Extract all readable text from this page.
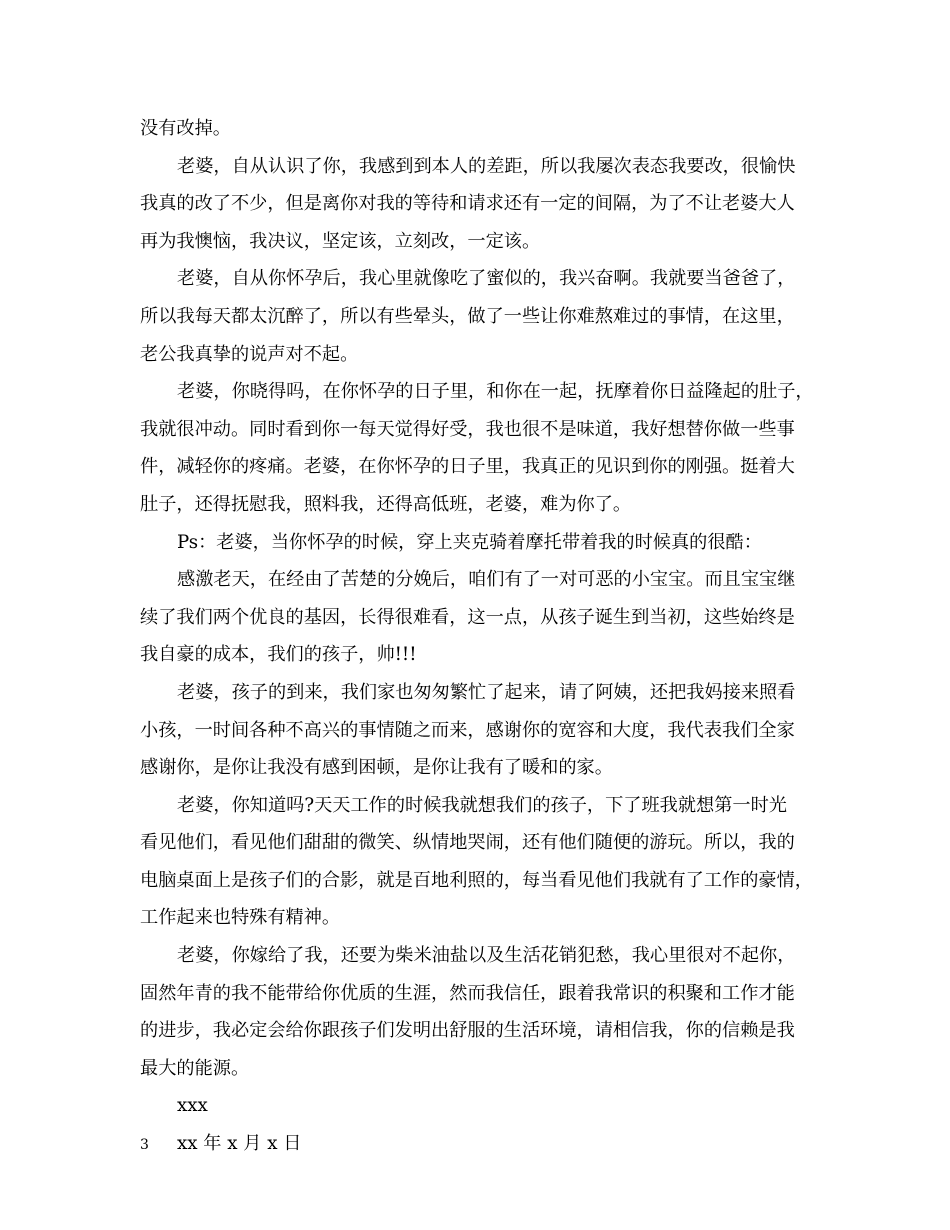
没有改掉。
老婆，自从认识了你，我感到到本人的差距，所以我屡次表态我要改，很愉快
我真的改了不少，但是离你对我的等待和请求还有一定的间隔，为了不让老婆大人
再为我懊恼，我决议，坚定该，立刻改，一定该。
老婆，自从你怀孕后，我心里就像吃了蜜似的，我兴奋啊。我就要当爸爸了，
所以我每天都太沉醉了，所以有些晕头，做了一些让你难熬难过的事情，在这里，
老公我真挚的说声对不起。
老婆，你晓得吗，在你怀孕的日子里，和你在一起，抚摩着你日益隆起的肚子，
我就很冲动。同时看到你一每天觉得好受，我也很不是味道，我好想替你做一些事
件，减轻你的疼痛。老婆，在你怀孕的日子里，我真正的见识到你的刚强。挺着大
肚子，还得抚慰我，照料我，还得高低班，老婆，难为你了。
Ps：老婆，当你怀孕的时候，穿上夹克骑着摩托带着我的时候真的很酷：
感激老天，在经由了苦楚的分娩后，咱们有了一对可恶的小宝宝。而且宝宝继
续了我们两个优良的基因，长得很难看，这一点，从孩子诞生到当初，这些始终是
我自豪的成本，我们的孩子，帅!!!
老婆，孩子的到来，我们家也匆匆繁忙了起来，请了阿姨，还把我妈接来照看
小孩，一时间各种不高兴的事情随之而来，感谢你的宽容和大度，我代表我们全家
感谢你，是你让我没有感到困顿，是你让我有了暖和的家。
老婆，你知道吗?天天工作的时候我就想我们的孩子，下了班我就想第一时光
看见他们，看见他们甜甜的微笑、纵情地哭闹，还有他们随便的游玩。所以，我的
电脑桌面上是孩子们的合影，就是百地利照的，每当看见他们我就有了工作的豪情，
工作起来也特殊有精神。
老婆，你嫁给了我，还要为柴米油盐以及生活花销犯愁，我心里很对不起你，
固然年青的我不能带给你优质的生涯，然而我信任，跟着我常识的积聚和工作才能
的进步，我必定会给你跟孩子们发明出舒服的生活环境，请相信我，你的信赖是我
最大的能源。
xxx
xx 年 x 月 x 日
3
